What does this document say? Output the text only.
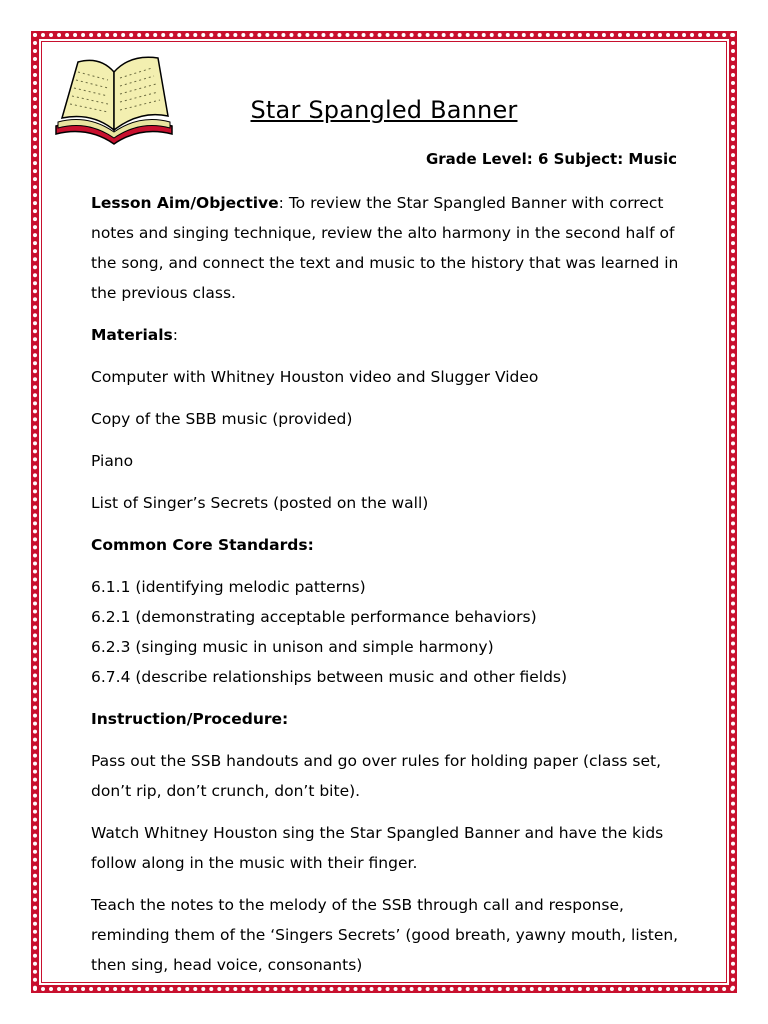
Star Spangled Banner
Grade Level: 6 Subject: Music

Lesson Aim/Objective: To review the Star Spangled Banner with correct notes and singing technique, review the alto harmony in the second half of the song, and connect the text and music to the history that was learned in the previous class.

Materials:

Computer with Whitney Houston video and Slugger Video

Copy of the SBB music (provided)

Piano

List of Singer’s Secrets (posted on the wall)

Common Core Standards:

6.1.1 (identifying melodic patterns)

6.2.1 (demonstrating acceptable performance behaviors)

6.2.3 (singing music in unison and simple harmony)

6.7.4 (describe relationships between music and other fields)

Instruction/Procedure:

Pass out the SSB handouts and go over rules for holding paper (class set, don’t rip, don’t crunch, don’t bite).

Watch Whitney Houston sing the Star Spangled Banner and have the kids follow along in the music with their finger.

Teach the notes to the melody of the SSB through call and response, reminding them of the ‘Singers Secrets’ (good breath, yawny mouth, listen, then sing, head voice, consonants)
